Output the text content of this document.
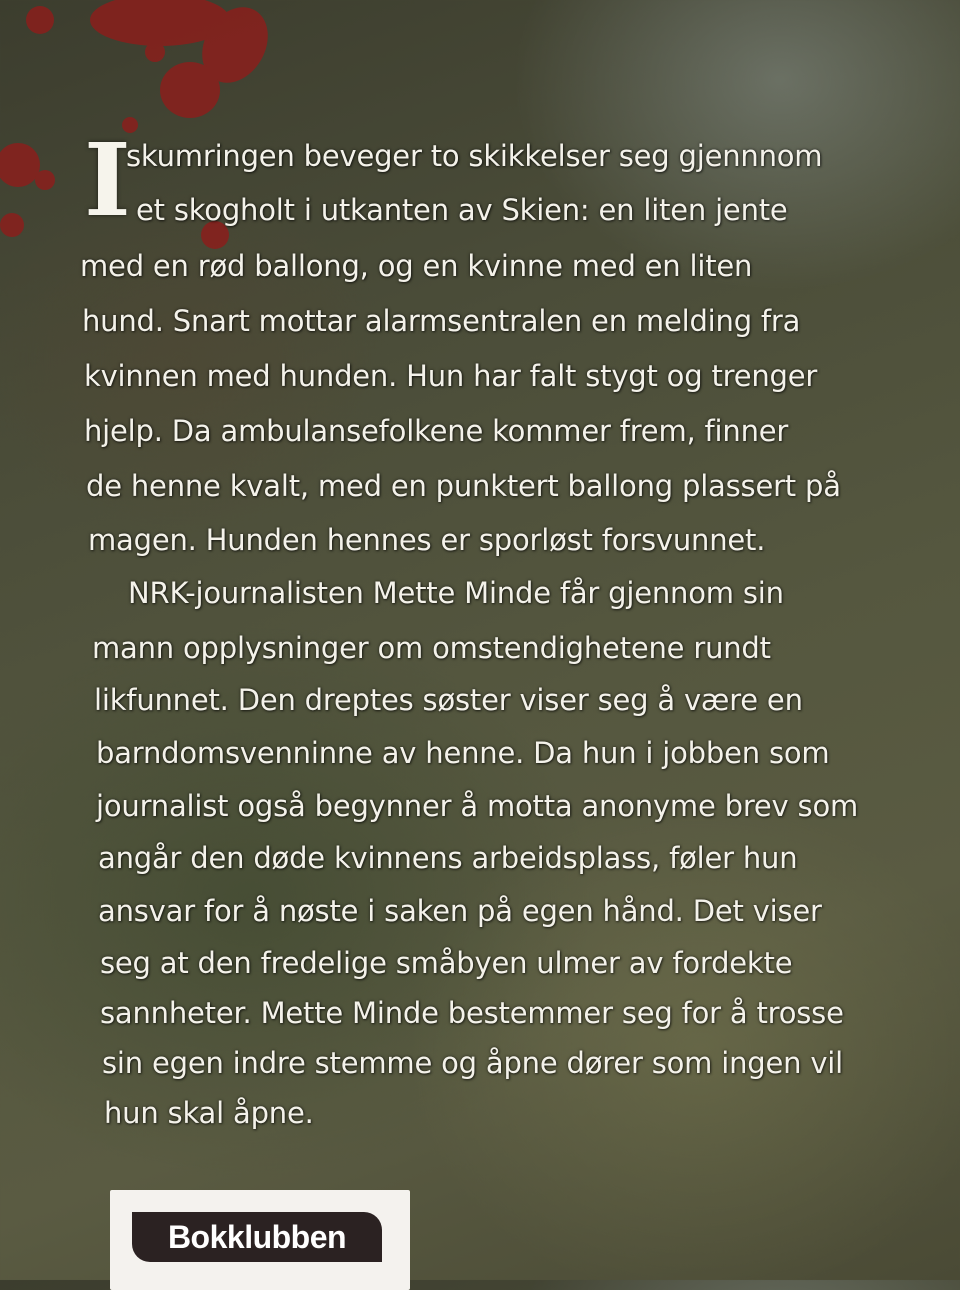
I
skumringen beveger to skikkelser seg gjennnom
et skogholt i utkanten av Skien: en liten jente
med en rød ballong, og en kvinne med en liten
hund. Snart mottar alarmsentralen en melding fra
kvinnen med hunden. Hun har falt stygt og trenger
hjelp. Da ambulansefolkene kommer frem, finner
de henne kvalt, med en punktert ballong plassert på
magen. Hunden hennes er sporløst forsvunnet.
NRK-journalisten Mette Minde får gjennom sin
mann opplysninger om omstendighetene rundt
likfunnet. Den dreptes søster viser seg å være en
barndomsvenninne av henne. Da hun i jobben som
journalist også begynner å motta anonyme brev som
angår den døde kvinnens arbeidsplass, føler hun
ansvar for å nøste i saken på egen hånd. Det viser
seg at den fredelige småbyen ulmer av fordekte
sannheter. Mette Minde bestemmer seg for å trosse
sin egen indre stemme og åpne dører som ingen vil
hun skal åpne.
Bokklubben
